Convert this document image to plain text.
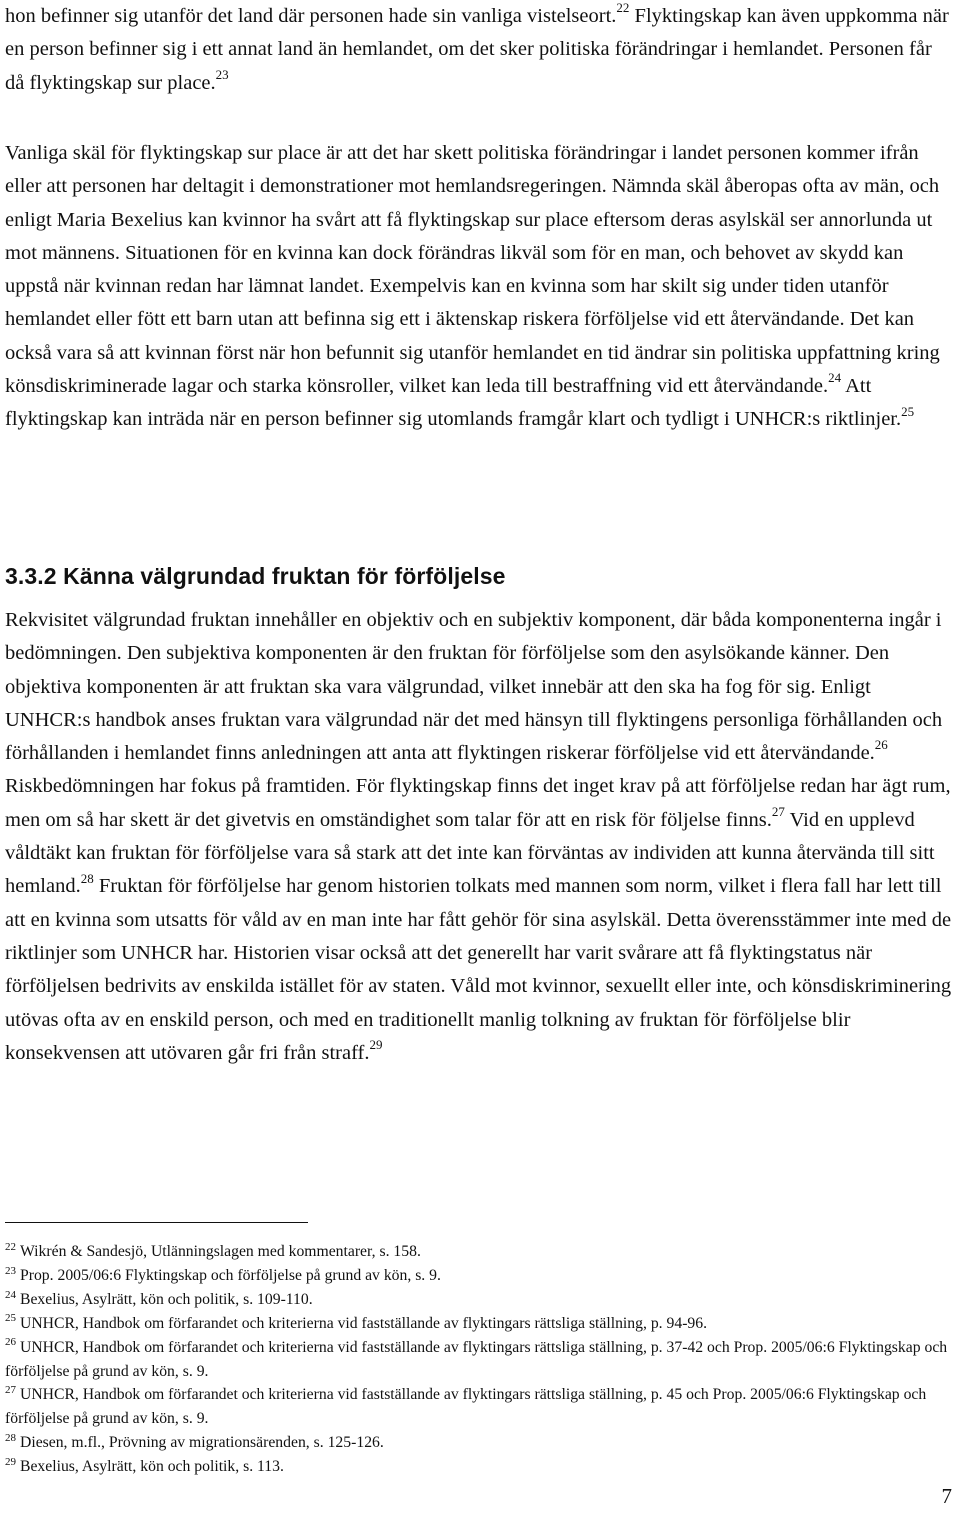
hon befinner sig utanför det land där personen hade sin vanliga vistelseort.$^{22}$ Flyktingskap kan även uppkomma när en person befinner sig i ett annat land än hemlandet, om det sker politiska förändringar i hemlandet. Personen får då flyktingskap sur place.$^{23}$

Vanliga skäl för flyktingskap sur place är att det har skett politiska förändringar i landet personen kommer ifrån eller att personen har deltagit i demonstrationer mot hemlandsregeringen. Nämnda skäl åberopas ofta av män, och enligt Maria Bexelius kan kvinnor ha svårt att få flyktingskap sur place eftersom deras asylskäl ser annorlunda ut mot männens. Situationen för en kvinna kan dock förändras likväl som för en man, och behovet av skydd kan uppstå när kvinnan redan har lämnat landet. Exempelvis kan en kvinna som har skilt sig under tiden utanför hemlandet eller fött ett barn utan att befinna sig ett i äktenskap riskera förföljelse vid ett återvändande. Det kan också vara så att kvinnan först när hon befunnit sig utanför hemlandet en tid ändrar sin politiska uppfattning kring könsdiskriminerade lagar och starka könsroller, vilket kan leda till bestraffning vid ett återvändande.$^{24}$ Att flyktingskap kan inträda när en person befinner sig utomlands framgår klart och tydligt i UNHCR:s riktlinjer.$^{25}$

3.3.2 Känna välgrundad fruktan för förföljelse

Rekvisitet välgrundad fruktan innehåller en objektiv och en subjektiv komponent, där båda komponenterna ingår i bedömningen. Den subjektiva komponenten är den fruktan för förföljelse som den asylsökande känner. Den objektiva komponenten är att fruktan ska vara välgrundad, vilket innebär att den ska ha fog för sig. Enligt UNHCR:s handbok anses fruktan vara välgrundad när det med hänsyn till flyktingens personliga förhållanden och förhållanden i hemlandet finns anledningen att anta att flyktingen riskerar förföljelse vid ett återvändande.$^{26}$ Riskbedömningen har fokus på framtiden. För flyktingskap finns det inget krav på att förföljelse redan har ägt rum, men om så har skett är det givetvis en omständighet som talar för att en risk för följelse finns.$^{27}$ Vid en upplevd våldtäkt kan fruktan för förföljelse vara så stark att det inte kan förväntas av individen att kunna återvända till sitt hemland.$^{28}$ Fruktan för förföljelse har genom historien tolkats med mannen som norm, vilket i flera fall har lett till att en kvinna som utsatts för våld av en man inte har fått gehör för sina asylskäl. Detta överensstämmer inte med de riktlinjer som UNHCR har. Historien visar också att det generellt har varit svårare att få flyktingstatus när förföljelsen bedrivits av enskilda istället för av staten. Våld mot kvinnor, sexuellt eller inte, och könsdiskriminering utövas ofta av en enskild person, och med en traditionellt manlig tolkning av fruktan för förföljelse blir konsekvensen att utövaren går fri från straff.$^{29}$

$^{22}$ Wikrén & Sandesjö, Utlänningslagen med kommentarer, s. 158.
$^{23}$ Prop. 2005/06:6 Flyktingskap och förföljelse på grund av kön, s. 9.
$^{24}$ Bexelius, Asylrätt, kön och politik, s. 109-110.
$^{25}$ UNHCR, Handbok om förfarandet och kriterierna vid fastställande av flyktingars rättsliga ställning, p. 94-96.
$^{26}$ UNHCR, Handbok om förfarandet och kriterierna vid fastställande av flyktingars rättsliga ställning, p. 37-42 och Prop. 2005/06:6 Flyktingskap och förföljelse på grund av kön, s. 9.
$^{27}$ UNHCR, Handbok om förfarandet och kriterierna vid fastställande av flyktingars rättsliga ställning, p. 45 och Prop. 2005/06:6 Flyktingskap och förföljelse på grund av kön, s. 9.
$^{28}$ Diesen, m.fl., Prövning av migrationsärenden, s. 125-126.
$^{29}$ Bexelius, Asylrätt, kön och politik, s. 113.
7
